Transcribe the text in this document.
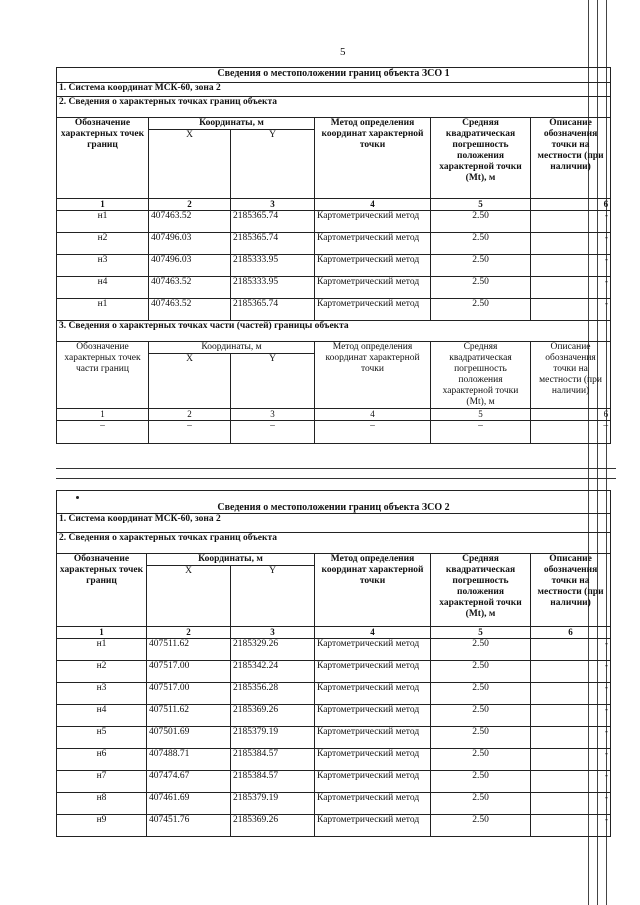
5
Сведения о местоположении границ объекта ЗСО 1					
1. Система координат МСК-60, зона 2					
2. Сведения о характерных точках границ объекта					
Обозначение характерных точек границ	Координаты, м		Метод определения координат характерной точки	Средняя квадратическая погрешность положения характерной точки (Mt), м	Описание обозначения точки на местности (при наличии)
	X	Y			
1	2	3	4	5	6
н1	407463.52	2185365.74	Картометрический метод	2.50	-
н2	407496.03	2185365.74	Картометрический метод	2.50	-
н3	407496.03	2185333.95	Картометрический метод	2.50	-
н4	407463.52	2185333.95	Картометрический метод	2.50	-
н1	407463.52	2185365.74	Картометрический метод	2.50	-
3. Сведения о характерных точках части (частей) границы объекта					
Обозначение характерных точек части границ	Координаты, м		Метод определения координат характерной точки	Средняя квадратическая погрешность положения характерной точки (Mt), м	Описание обозначения точки на местности (при наличии)
	X	Y			
1	2	3	4	5	6
–	–	–	–	–	–
Сведения о местоположении границ объекта ЗСО 2					
1. Система координат МСК-60, зона 2					
2. Сведения о характерных точках границ объекта					
Обозначение характерных точек границ	Координаты, м		Метод определения координат характерной точки	Средняя квадратическая погрешность положения характерной точки (Mt), м	Описание обозначения точки на местности (при наличии)
	X	Y			
1	2	3	4	5	6
н1	407511.62	2185329.26	Картометрический метод	2.50	-
н2	407517.00	2185342.24	Картометрический метод	2.50	-
н3	407517.00	2185356.28	Картометрический метод	2.50	-
н4	407511.62	2185369.26	Картометрический метод	2.50	-
н5	407501.69	2185379.19	Картометрический метод	2.50	-
н6	407488.71	2185384.57	Картометрический метод	2.50	-
н7	407474.67	2185384.57	Картометрический метод	2.50	-
н8	407461.69	2185379.19	Картометрический метод	2.50	-
н9	407451.76	2185369.26	Картометрический метод	2.50	-
